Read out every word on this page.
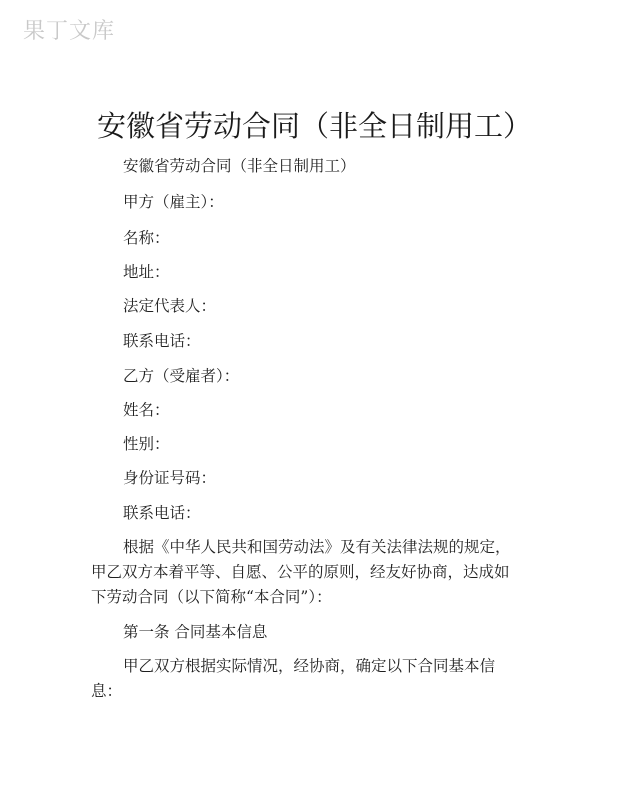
果丁文库
安徽省劳动合同（非全日制用工）
安徽省劳动合同（非全日制用工）
甲方（雇主）：
名称：
地址：
法定代表人：
联系电话：
乙方（受雇者）：
姓名：
性别：
身份证号码：
联系电话：
根据《中华人民共和国劳动法》及有关法律法规的规定，
甲乙双方本着平等、自愿、公平的原则，经友好协商，达成如
下劳动合同（以下简称“本合同”）：
第一条 合同基本信息
甲乙双方根据实际情况，经协商，确定以下合同基本信
息：
